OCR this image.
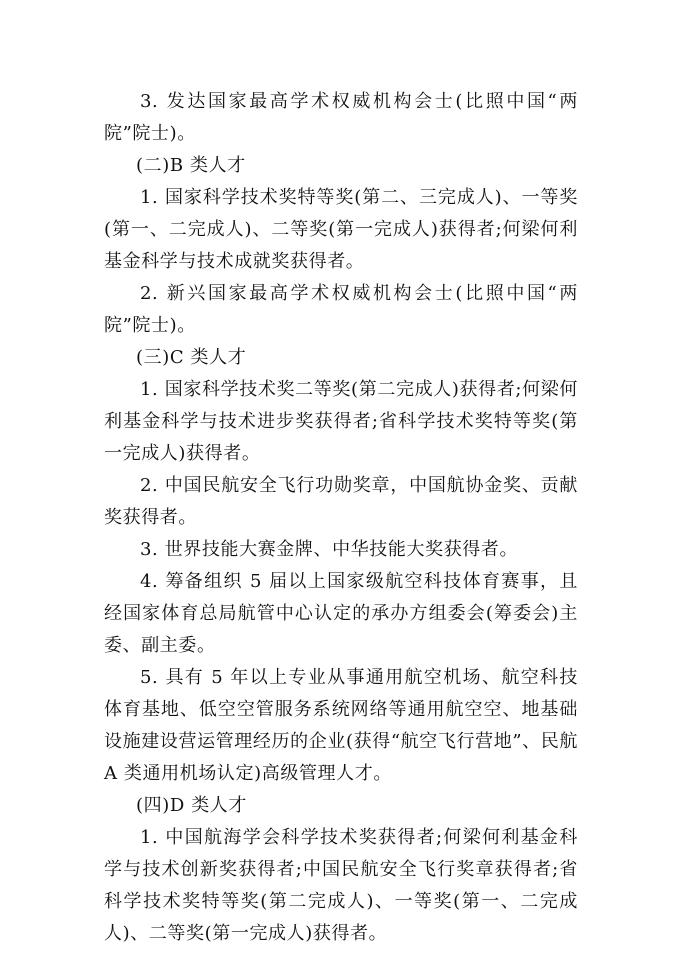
3. 发达国家最高学术权威机构会士(比照中国“两院”院士)。

(二)B 类人才

1. 国家科学技术奖特等奖(第二、三完成人)、一等奖(第一、二完成人)、二等奖(第一完成人)获得者;何梁何利基金科学与技术成就奖获得者。

2. 新兴国家最高学术权威机构会士(比照中国“两院”院士)。

(三)C 类人才

1. 国家科学技术奖二等奖(第二完成人)获得者;何梁何利基金科学与技术进步奖获得者;省科学技术奖特等奖(第一完成人)获得者。

2. 中国民航安全飞行功勋奖章，中国航协金奖、贡献奖获得者。

3. 世界技能大赛金牌、中华技能大奖获得者。

4. 筹备组织 5 届以上国家级航空科技体育赛事，且经国家体育总局航管中心认定的承办方组委会(筹委会)主委、副主委。

5. 具有 5 年以上专业从事通用航空机场、航空科技体育基地、低空空管服务系统网络等通用航空空、地基础设施建设营运管理经历的企业(获得“航空飞行营地”、民航 A 类通用机场认定)高级管理人才。

(四)D 类人才

1. 中国航海学会科学技术奖获得者;何梁何利基金科学与技术创新奖获得者;中国民航安全飞行奖章获得者;省科学技术奖特等奖(第二完成人)、一等奖(第一、二完成人)、二等奖(第一完成人)获得者。
